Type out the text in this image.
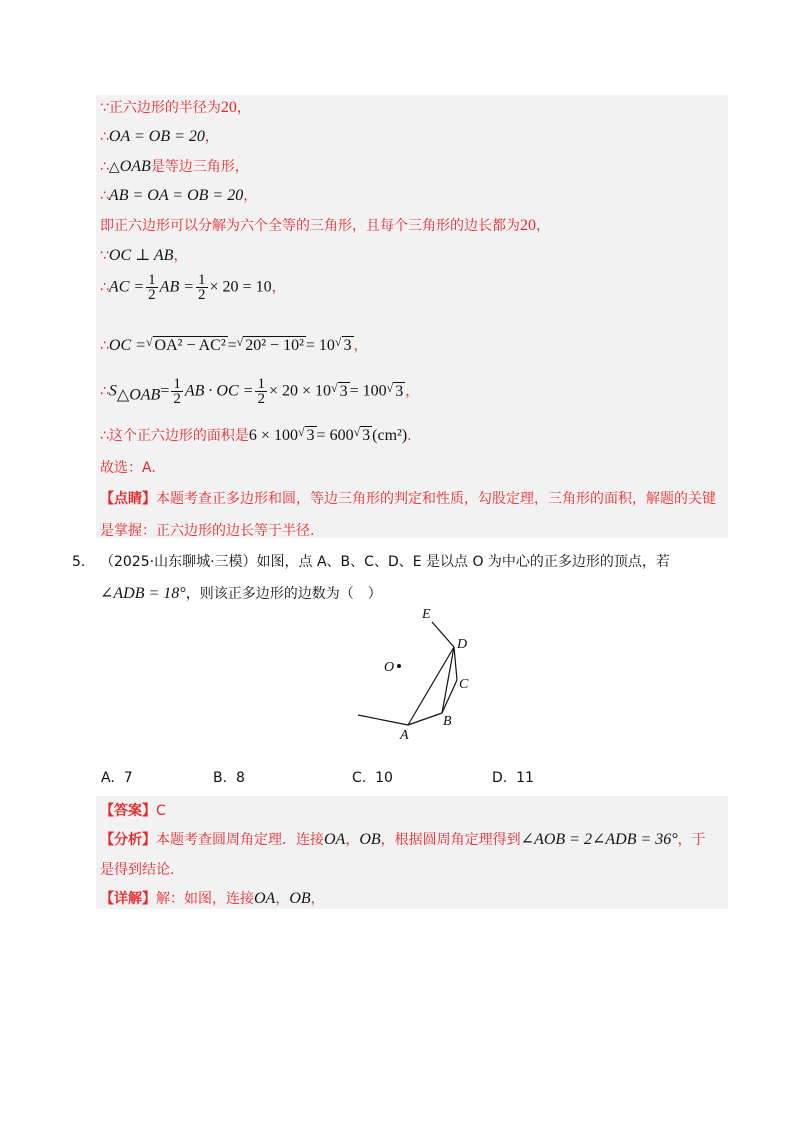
∵正六边形的半径为20，
∴OA = OB = 20，
∴△OAB是等边三角形，
∴AB = OA = OB = 20，
即正六边形可以分解为六个全等的三角形，且每个三角形的边长都为20，
∵OC ⊥ AB，
∴AC = $\frac{1}{2}$ AB = $\frac{1}{2} \times 20 = 10$，
∴OC =√ OA² − AC² =√ 20² − 10² = 10√ 3 ，
$\therefore S_{\triangle OAB}= \frac{1}{2}$ AB · OC = $\frac{1}{2} \times 20 \times 10^√$ 3 = 100√ 3 ，
∴这个正六边形的面积是6 × 100√ 3 = 600√ 3 (cm²).
故选：A.
【点睛】本题考查正多边形和圆，等边三角形的判定和性质，勾股定理，三角形的面积，解题的关键
是掌握：正六边形的边长等于半径.
5. （2025·山东聊城·三模）如图，点 A、B、C、D、E 是以点 O 为中心的正多边形的顶点，若
∠ADB = 18°，则该正多边形的边数为（　）
E
D
O
C
B
A
A. 7	B. 8	C. 10	D. 11
【答案】C
【分析】本题考查圆周角定理．连接OA，OB，根据圆周角定理得到∠AOB = 2∠ADB = 36°，于
是得到结论．
【详解】解：如图，连接OA，OB，
